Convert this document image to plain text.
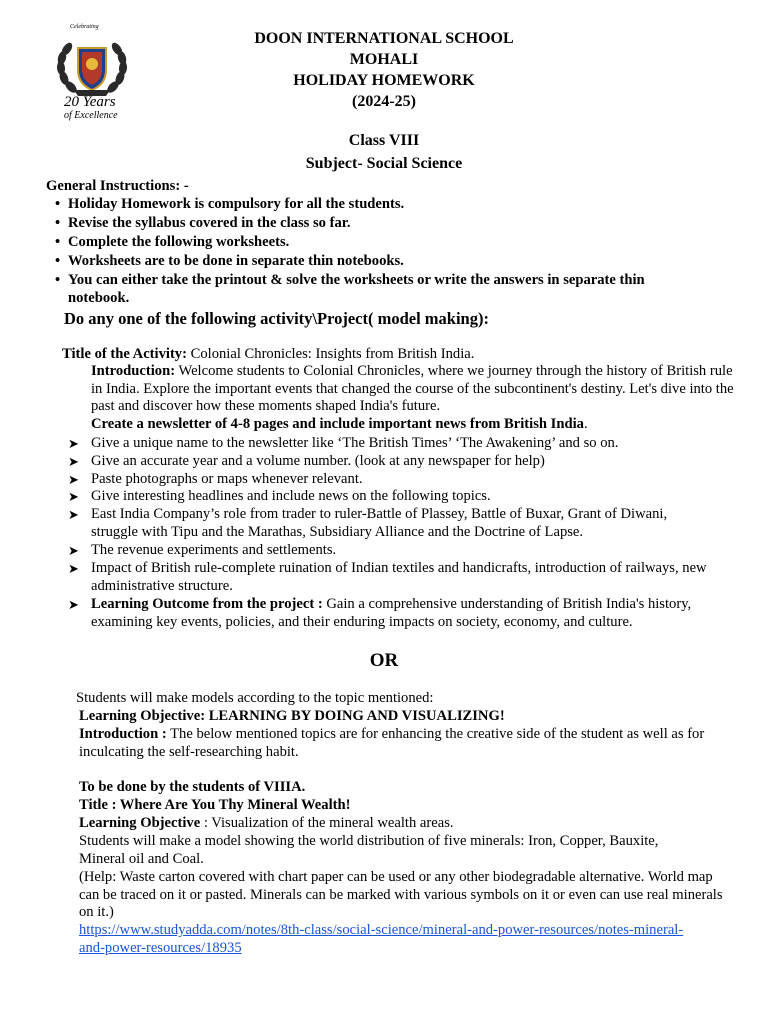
Celebrating
20 Years
of Excellence
DOON INTERNATIONAL SCHOOL
MOHALI
HOLIDAY HOMEWORK
(2024-25)
Class VIII
Subject- Social Science
General Instructions: -
• Holiday Homework is compulsory for all the students.
• Revise the syllabus covered in the class so far.
• Complete the following worksheets.
• Worksheets are to be done in separate thin notebooks.
• You can either take the printout & solve the worksheets or write the answers in separate thin notebook.
Do any one of the following activity\Project( model making):
Title of the Activity: Colonial Chronicles: Insights from British India.
Introduction: Welcome students to Colonial Chronicles, where we journey through the history of British rule in India. Explore the important events that changed the course of the subcontinent's destiny. Let's dive into the past and discover how these moments shaped India's future.
Create a newsletter of 4-8 pages and include important news from British India.
➤ Give a unique name to the newsletter like ‘The British Times’ ‘The Awakening’ and so on.
➤ Give an accurate year and a volume number. (look at any newspaper for help)
➤ Paste photographs or maps whenever relevant.
➤ Give interesting headlines and include news on the following topics.
➤ East India Company’s role from trader to ruler-Battle of Plassey, Battle of Buxar, Grant of Diwani, struggle with Tipu and the Marathas, Subsidiary Alliance and the Doctrine of Lapse.
➤ The revenue experiments and settlements.
➤ Impact of British rule-complete ruination of Indian textiles and handicrafts, introduction of railways, new administrative structure.
➤ Learning Outcome from the project : Gain a comprehensive understanding of British India's history, examining key events, policies, and their enduring impacts on society, economy, and culture.
OR
Students will make models according to the topic mentioned:
Learning Objective: LEARNING BY DOING AND VISUALIZING!
Introduction : The below mentioned topics are for enhancing the creative side of the student as well as for inculcating the self-researching habit.
To be done by the students of VIIIA.
Title : Where Are You Thy Mineral Wealth!
Learning Objective : Visualization of the mineral wealth areas.
Students will make a model showing the world distribution of five minerals: Iron, Copper, Bauxite, Mineral oil and Coal.
(Help: Waste carton covered with chart paper can be used or any other biodegradable alternative. World map can be traced on it or pasted. Minerals can be marked with various symbols on it or even can use real minerals on it.)
https://www.studyadda.com/notes/8th-class/social-science/mineral-and-power-resources/notes-mineral-
and-power-resources/18935
